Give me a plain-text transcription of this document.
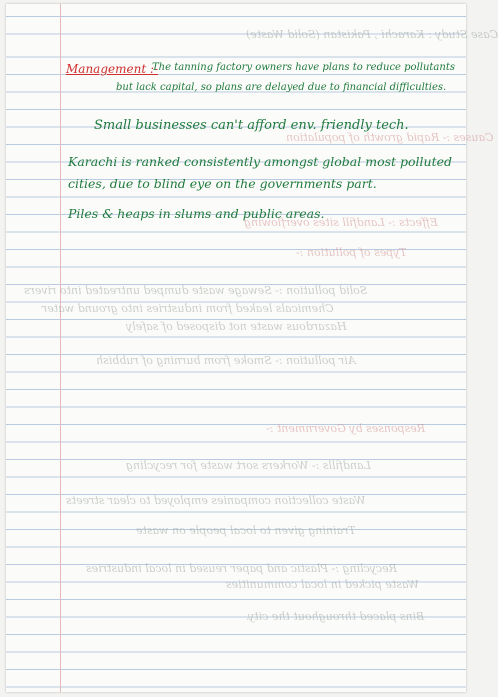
Case Study : Karachi , Pakistan (Solid Waste)
Causes :- Rapid growth of population
Effects :- Landfill sites overflowing
Types of pollution :-
Solid pollution :- Sewage waste dumped untreated into rivers
Chemicals leaked from industries into ground water
Hazardous waste not disposed of safely
Air pollution :- Smoke from burning of rubbish
Responses by Government :-
Landfills :- Workers sort waste for recycling
Waste collection companies employed to clear streets
Training given to local people on waste
Recycling :- Plastic and paper reused in local industries
Waste picked in local communities
Bins placed throughout the city.
Management :-
The tanning factory owners have plans to reduce pollutants
but lack capital, so plans are delayed due to financial difficulties.
Small businesses can't afford env. friendly tech.
Karachi is ranked consistently amongst global most polluted
cities, due to blind eye on the governments part.
Piles & heaps in slums and public areas.
